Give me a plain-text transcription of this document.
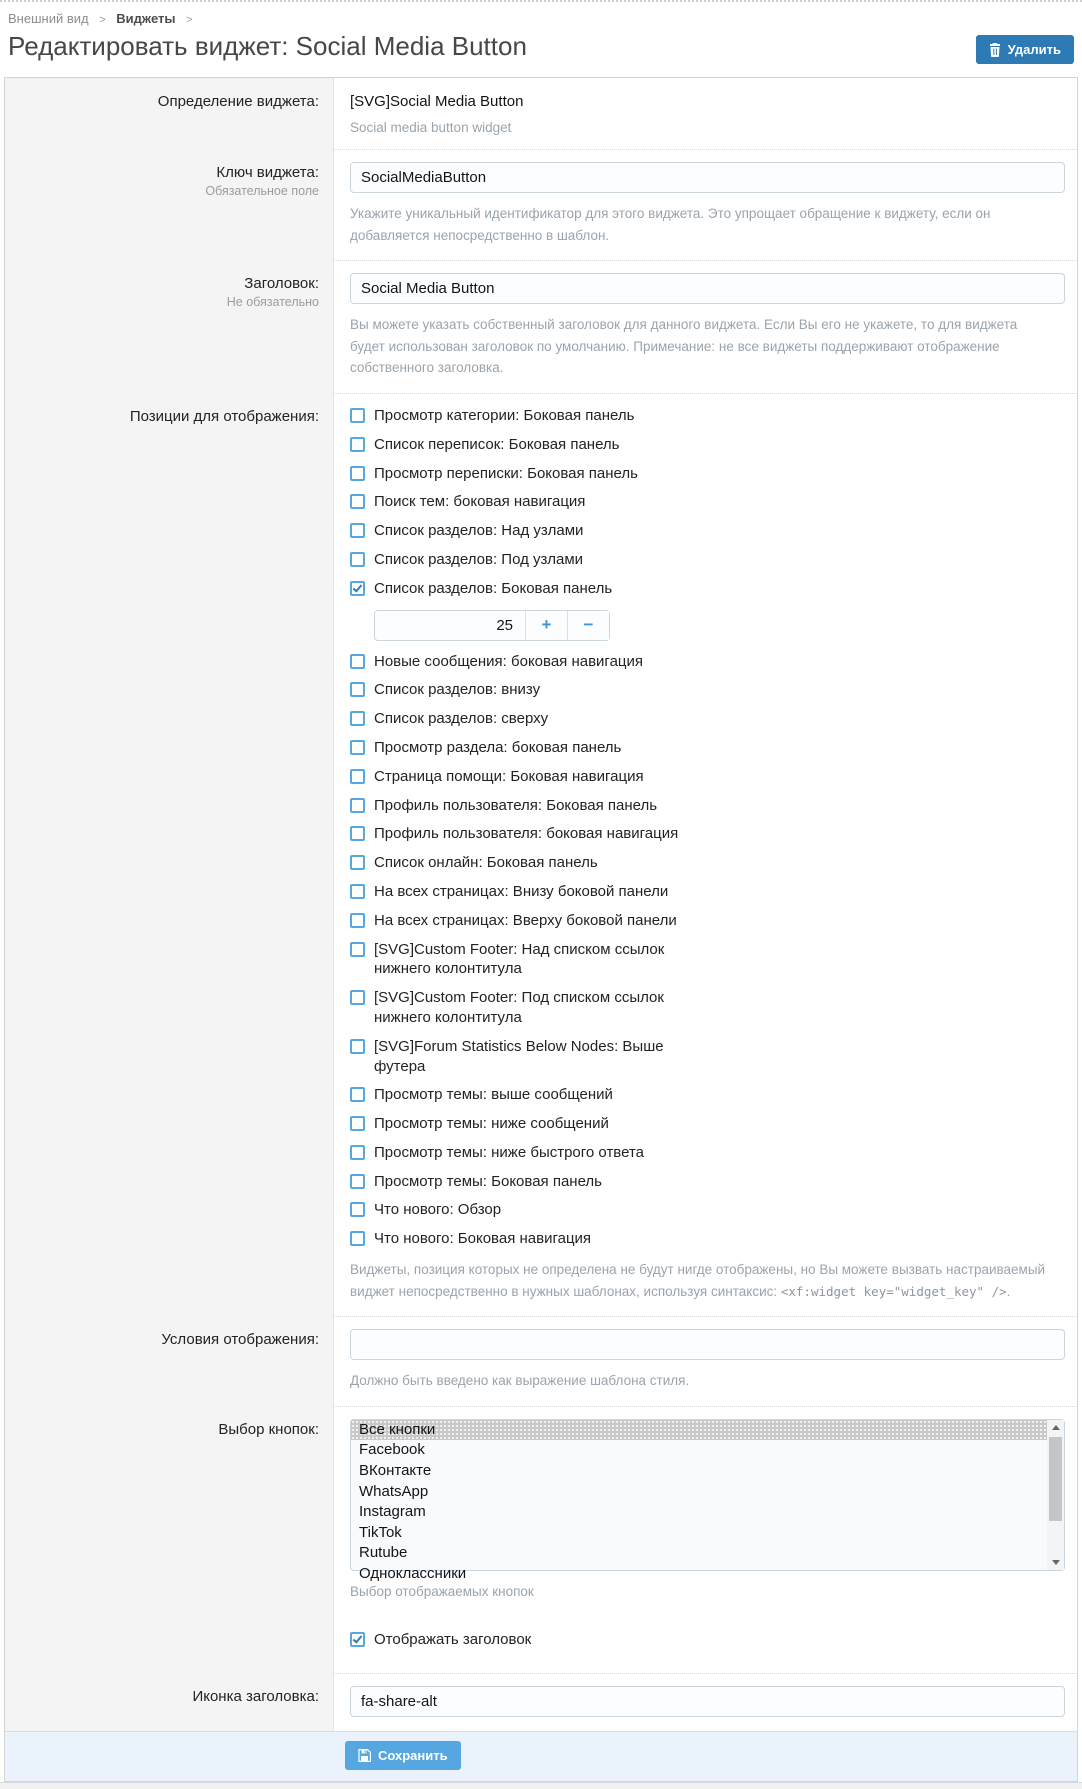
Внешний вид > Виджеты >
Редактировать виджет: Social Media Button	Удалить
Определение виджета: [SVG]Social Media Button
Social media button widget
Ключ виджета:
Обязательное поле
SocialMediaButton
Укажите уникальный идентификатор для этого виджета. Это упрощает обращение к виджету, если он добавляется непосредственно в шаблон.
Заголовок:
Не обязательно
Social Media Button
Вы можете указать собственный заголовок для данного виджета. Если Вы его не укажете, то для виджета будет использован заголовок по умолчанию. Примечание: не все виджеты поддерживают отображение собственного заголовка.
Позиции для отображения:	Просмотр категории: Боковая панель
Список переписок: Боковая панель
Просмотр переписки: Боковая панель
Поиск тем: боковая навигация
Список разделов: Над узлами
Список разделов: Под узлами
Список разделов: Боковая панель
25
+	−
Новые сообщения: боковая навигация
Список разделов: внизу
Список разделов: сверху
Просмотр раздела: боковая панель
Страница помощи: Боковая навигация
Профиль пользователя: Боковая панель
Профиль пользователя: боковая навигация
Список онлайн: Боковая панель
На всех страницах: Внизу боковой панели
На всех страницах: Вверху боковой панели
[SVG]Custom Footer: Над списком ссылок нижнего колонтитула
[SVG]Custom Footer: Под списком ссылок нижнего колонтитула
[SVG]Forum Statistics Below Nodes: Выше футера
Просмотр темы: выше сообщений
Просмотр темы: ниже сообщений
Просмотр темы: ниже быстрого ответа
Просмотр темы: Боковая панель
Что нового: Обзор
Что нового: Боковая навигация
Виджеты, позиция которых не определена не будут нигде отображены, но Вы можете вызвать настраиваемый виджет непосредственно в нужных шаблонах, используя синтаксис: <xf:widget key="widget_key" />.
Условия отображения:
Должно быть введено как выражение шаблона стиля.
Выбор кнопок:	Все кнопки
Facebook
ВКонтакте
WhatsApp
Instagram
TikTok
Rutube
Одноклассники
Выбор отображаемых кнопок
Отображать заголовок
Иконка заголовка:
fa-share-alt
Сохранить
